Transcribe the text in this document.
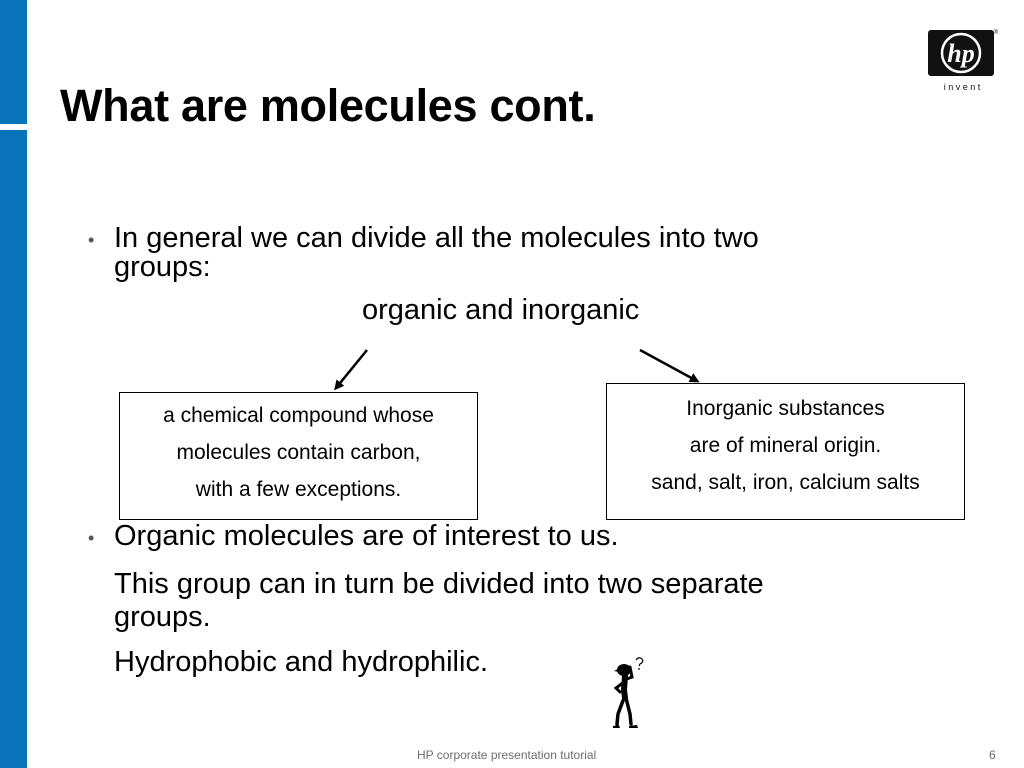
What are molecules cont.
hp
®
i n v e n t
• In general we can divide all the molecules into two
groups:
organic and inorganic
a chemical compound whose
molecules contain carbon,
with a few exceptions.
Inorganic substances
are of mineral origin.
sand, salt, iron, calcium salts
• Organic molecules are of interest to us.
This group can in turn be divided into two separate
groups.
Hydrophobic and hydrophilic.
HP corporate presentation tutorial	6
